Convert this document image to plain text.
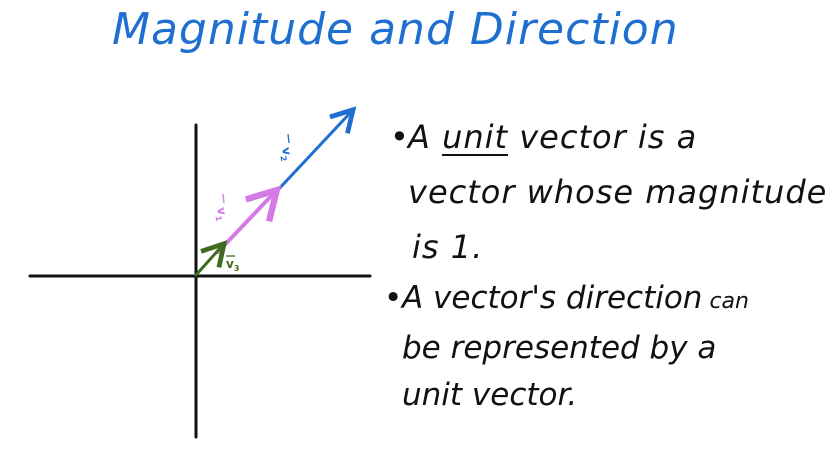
Magnitude and Direction
$v_2$
$v_1$
$v_3$
•
A unit vector is a
vector whose magnitude
is 1.
• A vector's direction can
be represented by a
unit vector.
